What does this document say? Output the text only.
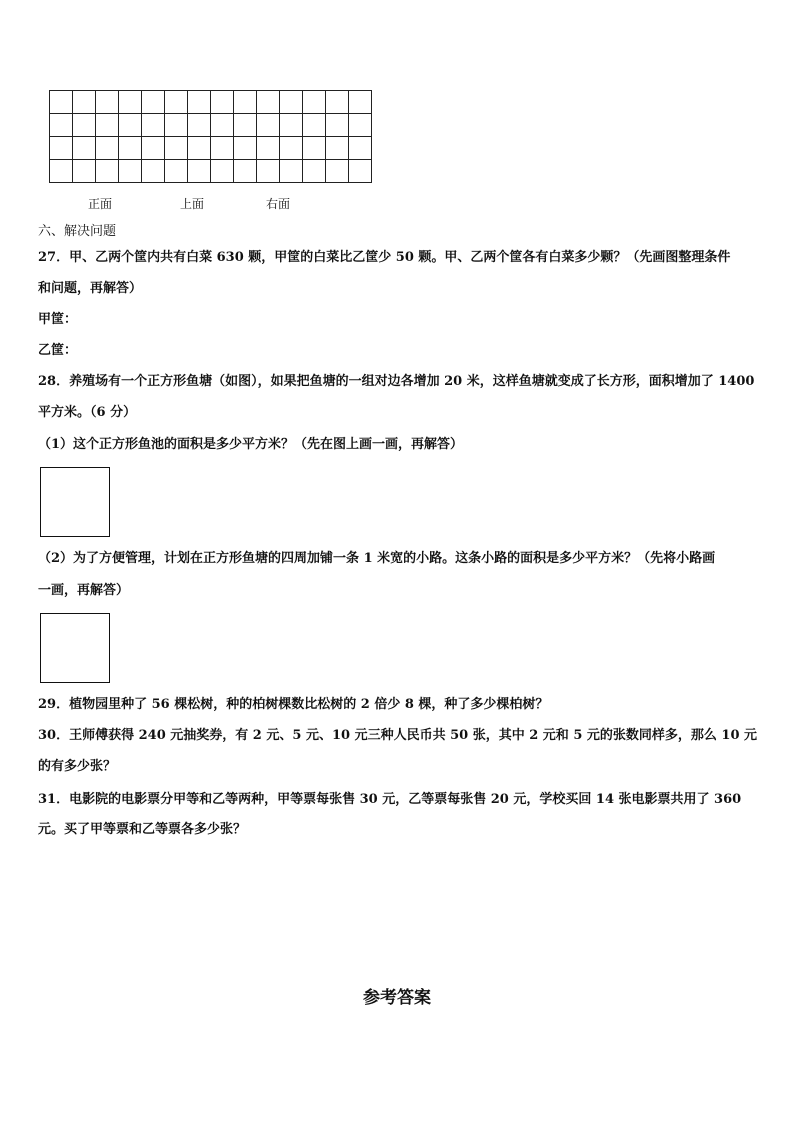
正面	上面	右面
六、解决问题
27．甲、乙两个筐内共有白菜 630 颗，甲筐的白菜比乙筐少 50 颗。甲、乙两个筐各有白菜多少颗？（先画图整理条件
和问题，再解答）
甲筐：
乙筐：
28．养殖场有一个正方形鱼塘（如图），如果把鱼塘的一组对边各增加 20 米，这样鱼塘就变成了长方形，面积增加了 1400
平方米。（6 分）
（1）这个正方形鱼池的面积是多少平方米？（先在图上画一画，再解答）
（2）为了方便管理，计划在正方形鱼塘的四周加铺一条 1 米宽的小路。这条小路的面积是多少平方米？（先将小路画
一画，再解答）
29．植物园里种了 56 棵松树，种的柏树棵数比松树的 2 倍少 8 棵，种了多少棵柏树？
30．王师傅获得 240 元抽奖券，有 2 元、5 元、10 元三种人民币共 50 张，其中 2 元和 5 元的张数同样多，那么 10 元
的有多少张？
31．电影院的电影票分甲等和乙等两种，甲等票每张售 30 元，乙等票每张售 20 元，学校买回 14 张电影票共用了 360
元。买了甲等票和乙等票各多少张？
参考答案
